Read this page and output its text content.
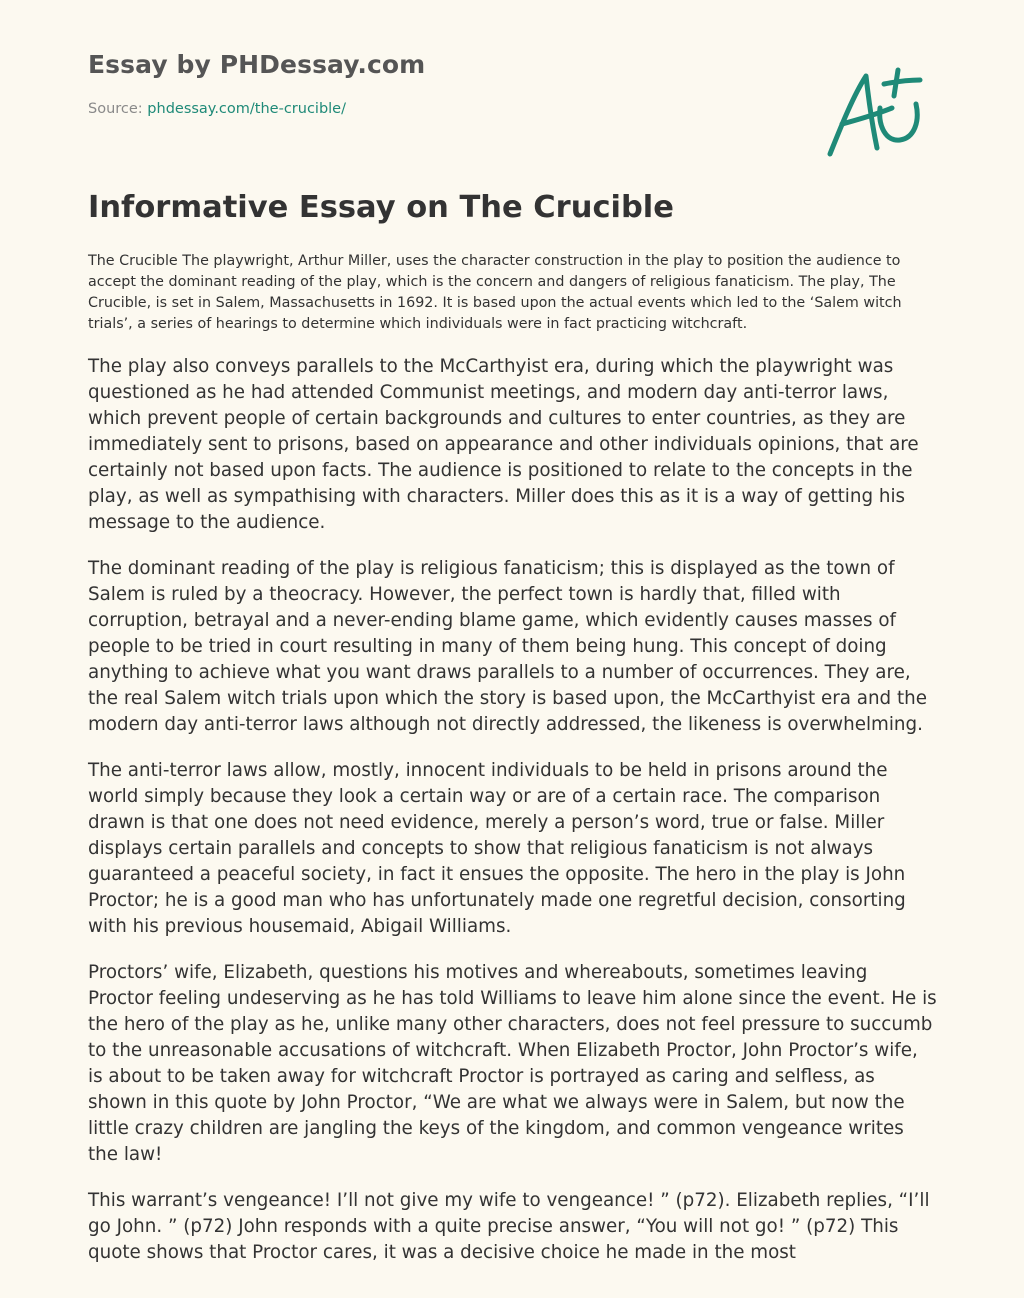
Essay by PHDessay.com
Source: phdessay.com/the-crucible/
Informative Essay on The Crucible

The Crucible The playwright, Arthur Miller, uses the character construction in the play to position the audience to accept the dominant reading of the play, which is the concern and dangers of religious fanaticism. The play, The Crucible, is set in Salem, Massachusetts in 1692. It is based upon the actual events which led to the ‘Salem witch trials’, a series of hearings to determine which individuals were in fact practicing witchcraft.

The play also conveys parallels to the McCarthyist era, during which the playwright was questioned as he had attended Communist meetings, and modern day anti-terror laws, which prevent people of certain backgrounds and cultures to enter countries, as they are immediately sent to prisons, based on appearance and other individuals opinions, that are certainly not based upon facts. The audience is positioned to relate to the concepts in the play, as well as sympathising with characters. Miller does this as it is a way of getting his message to the audience.

The dominant reading of the play is religious fanaticism; this is displayed as the town of Salem is ruled by a theocracy. However, the perfect town is hardly that, filled with corruption, betrayal and a never-ending blame game, which evidently causes masses of people to be tried in court resulting in many of them being hung. This concept of doing anything to achieve what you want draws parallels to a number of occurrences. They are, the real Salem witch trials upon which the story is based upon, the McCarthyist era and the modern day anti-terror laws although not directly addressed, the likeness is overwhelming.

The anti-terror laws allow, mostly, innocent individuals to be held in prisons around the world simply because they look a certain way or are of a certain race. The comparison drawn is that one does not need evidence, merely a person’s word, true or false. Miller displays certain parallels and concepts to show that religious fanaticism is not always guaranteed a peaceful society, in fact it ensues the opposite. The hero in the play is John Proctor; he is a good man who has unfortunately made one regretful decision, consorting with his previous housemaid, Abigail Williams.

Proctors’ wife, Elizabeth, questions his motives and whereabouts, sometimes leaving Proctor feeling undeserving as he has told Williams to leave him alone since the event. He is the hero of the play as he, unlike many other characters, does not feel pressure to succumb to the unreasonable accusations of witchcraft. When Elizabeth Proctor, John Proctor’s wife, is about to be taken away for witchcraft Proctor is portrayed as caring and selfless, as shown in this quote by John Proctor, “We are what we always were in Salem, but now the little crazy children are jangling the keys of the kingdom, and common vengeance writes the law!

This warrant’s vengeance! I’ll not give my wife to vengeance! ” (p72). Elizabeth replies, “I’ll go John. ” (p72) John responds with a quite precise answer, “You will not go! ” (p72) This quote shows that Proctor cares, it was a decisive choice he made in the most
